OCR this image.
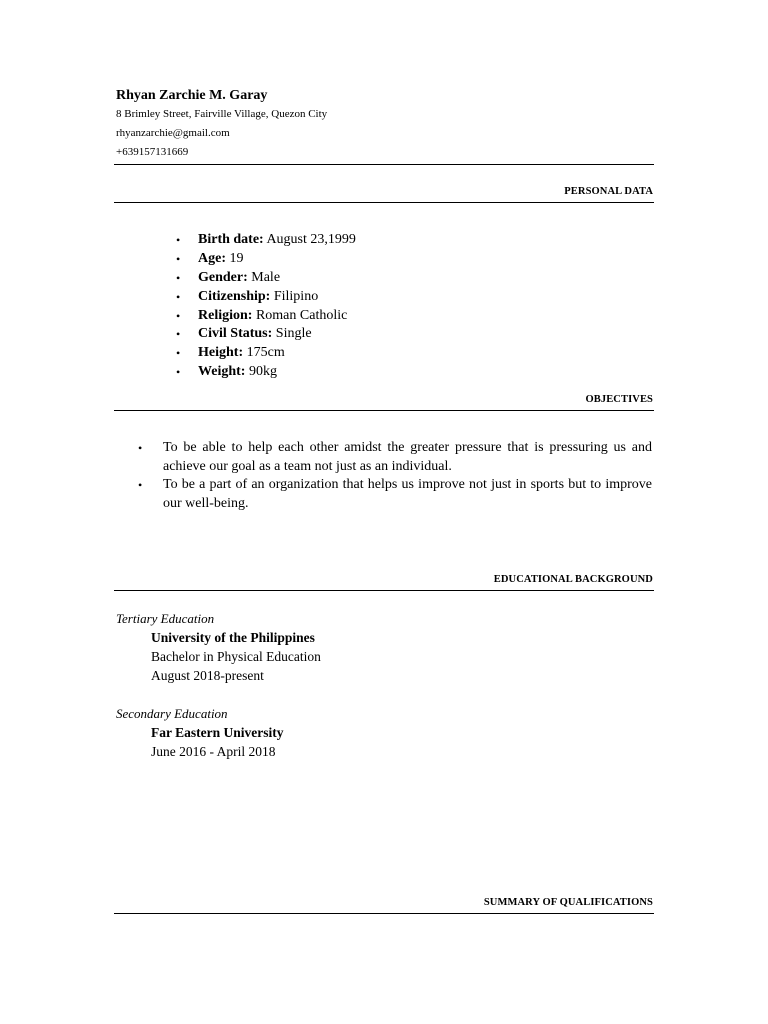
Rhyan Zarchie M. Garay
8 Brimley Street, Fairville Village, Quezon City
rhyanzarchie@gmail.com
+639157131669
PERSONAL DATA
• Birth date: August 23,1999
• Age: 19
• Gender: Male
• Citizenship: Filipino
• Religion: Roman Catholic
• Civil Status: Single
• Height: 175cm
• Weight: 90kg
OBJECTIVES
• To be able to help each other amidst the greater pressure that is pressuring us and achieve our goal as a team not just as an individual.
• To be a part of an organization that helps us improve not just in sports but to improve our well-being.
EDUCATIONAL BACKGROUND
Tertiary Education
University of the Philippines
Bachelor in Physical Education
August 2018-present
Secondary Education
Far Eastern University
June 2016 - April 2018
SUMMARY OF QUALIFICATIONS
